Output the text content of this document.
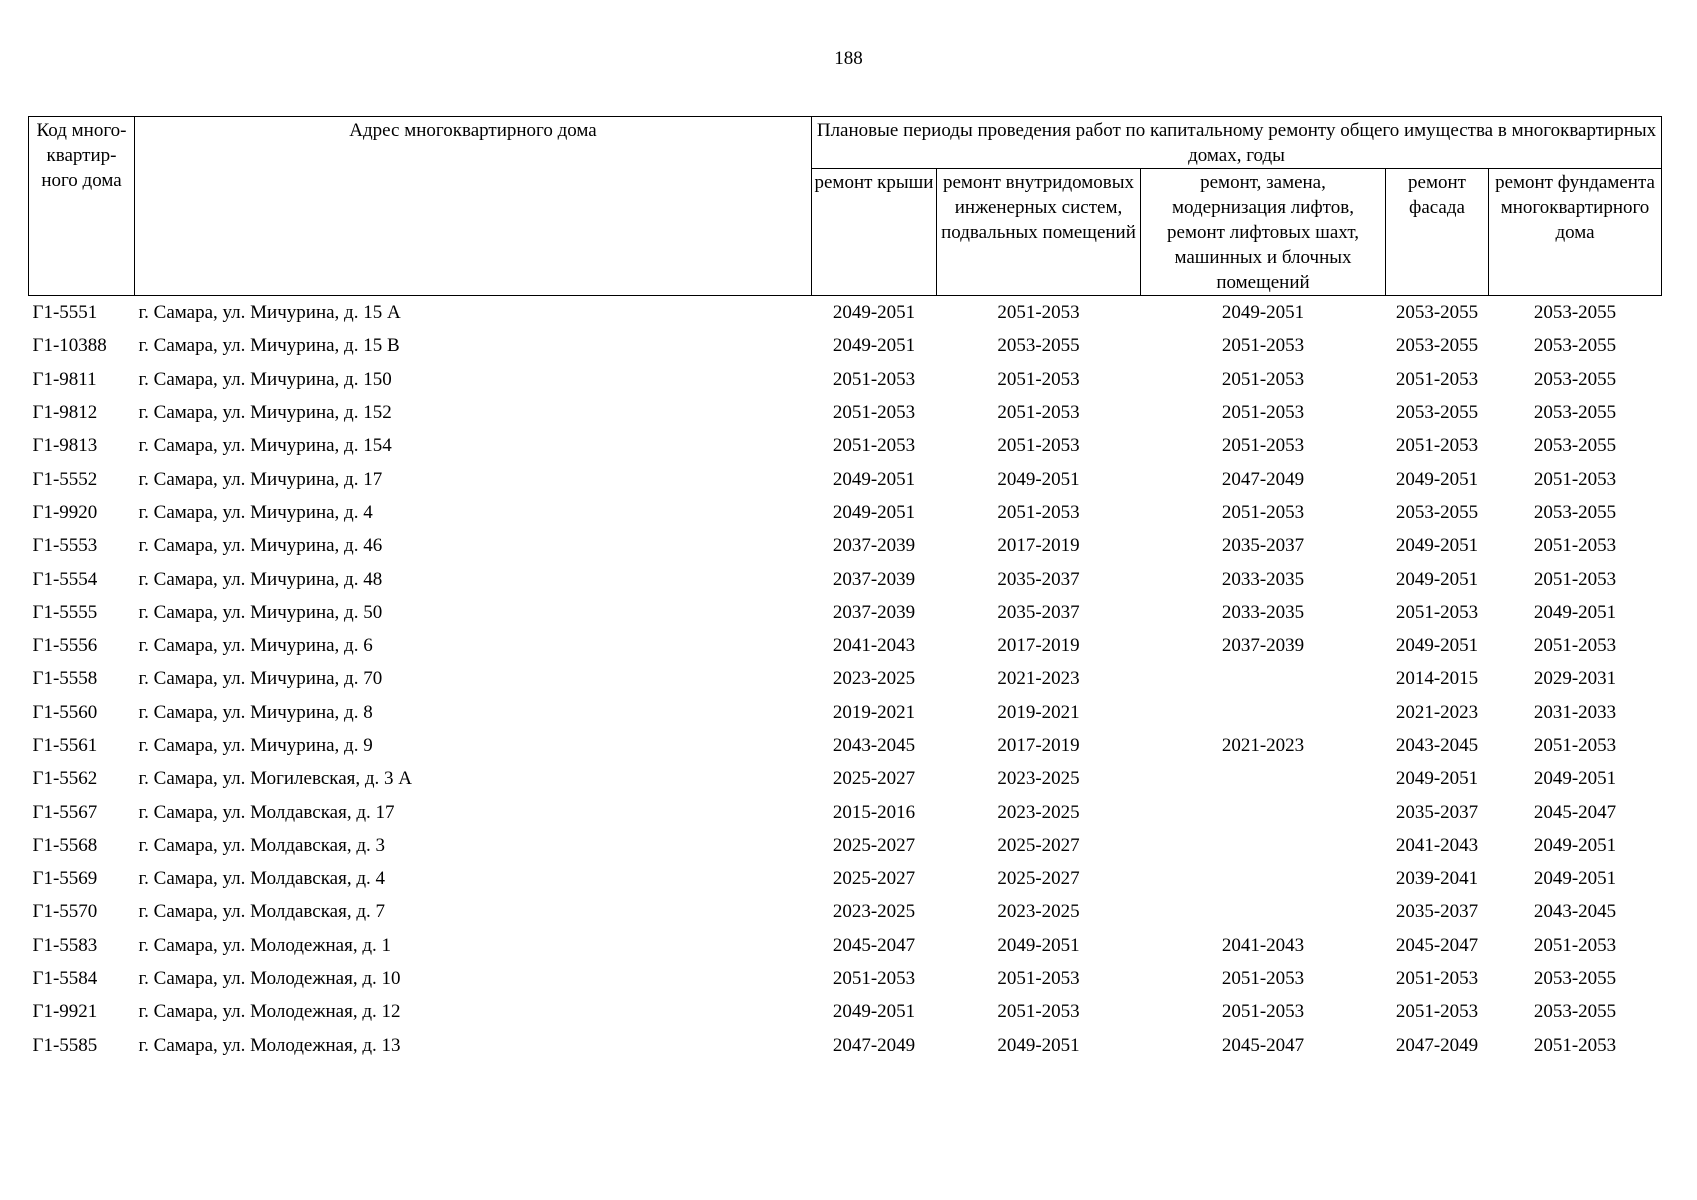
188
Код много-квартир-ного дома	Адрес многоквартирного дома	Плановые периоды проведения работ по капитальному ремонту общего имущества в многоквартирных домах, годы				
		ремонт крыши	ремонт внутридомовых инженерных систем, подвальных помещений	ремонт, замена, модернизация лифтов, ремонт лифтовых шахт, машинных и блочных помещений	ремонт фасада	ремонт фундамента многоквартирного дома
Г1-5551	г. Самара, ул. Мичурина, д. 15 А	2049-2051	2051-2053	2049-2051	2053-2055	2053-2055
Г1-10388	г. Самара, ул. Мичурина, д. 15 В	2049-2051	2053-2055	2051-2053	2053-2055	2053-2055
Г1-9811	г. Самара, ул. Мичурина, д. 150	2051-2053	2051-2053	2051-2053	2051-2053	2053-2055
Г1-9812	г. Самара, ул. Мичурина, д. 152	2051-2053	2051-2053	2051-2053	2053-2055	2053-2055
Г1-9813	г. Самара, ул. Мичурина, д. 154	2051-2053	2051-2053	2051-2053	2051-2053	2053-2055
Г1-5552	г. Самара, ул. Мичурина, д. 17	2049-2051	2049-2051	2047-2049	2049-2051	2051-2053
Г1-9920	г. Самара, ул. Мичурина, д. 4	2049-2051	2051-2053	2051-2053	2053-2055	2053-2055
Г1-5553	г. Самара, ул. Мичурина, д. 46	2037-2039	2017-2019	2035-2037	2049-2051	2051-2053
Г1-5554	г. Самара, ул. Мичурина, д. 48	2037-2039	2035-2037	2033-2035	2049-2051	2051-2053
Г1-5555	г. Самара, ул. Мичурина, д. 50	2037-2039	2035-2037	2033-2035	2051-2053	2049-2051
Г1-5556	г. Самара, ул. Мичурина, д. 6	2041-2043	2017-2019	2037-2039	2049-2051	2051-2053
Г1-5558	г. Самара, ул. Мичурина, д. 70	2023-2025	2021-2023		2014-2015	2029-2031
Г1-5560	г. Самара, ул. Мичурина, д. 8	2019-2021	2019-2021		2021-2023	2031-2033
Г1-5561	г. Самара, ул. Мичурина, д. 9	2043-2045	2017-2019	2021-2023	2043-2045	2051-2053
Г1-5562	г. Самара, ул. Могилевская, д. 3 А	2025-2027	2023-2025		2049-2051	2049-2051
Г1-5567	г. Самара, ул. Молдавская, д. 17	2015-2016	2023-2025		2035-2037	2045-2047
Г1-5568	г. Самара, ул. Молдавская, д. 3	2025-2027	2025-2027		2041-2043	2049-2051
Г1-5569	г. Самара, ул. Молдавская, д. 4	2025-2027	2025-2027		2039-2041	2049-2051
Г1-5570	г. Самара, ул. Молдавская, д. 7	2023-2025	2023-2025		2035-2037	2043-2045
Г1-5583	г. Самара, ул. Молодежная, д. 1	2045-2047	2049-2051	2041-2043	2045-2047	2051-2053
Г1-5584	г. Самара, ул. Молодежная, д. 10	2051-2053	2051-2053	2051-2053	2051-2053	2053-2055
Г1-9921	г. Самара, ул. Молодежная, д. 12	2049-2051	2051-2053	2051-2053	2051-2053	2053-2055
Г1-5585	г. Самара, ул. Молодежная, д. 13	2047-2049	2049-2051	2045-2047	2047-2049	2051-2053
